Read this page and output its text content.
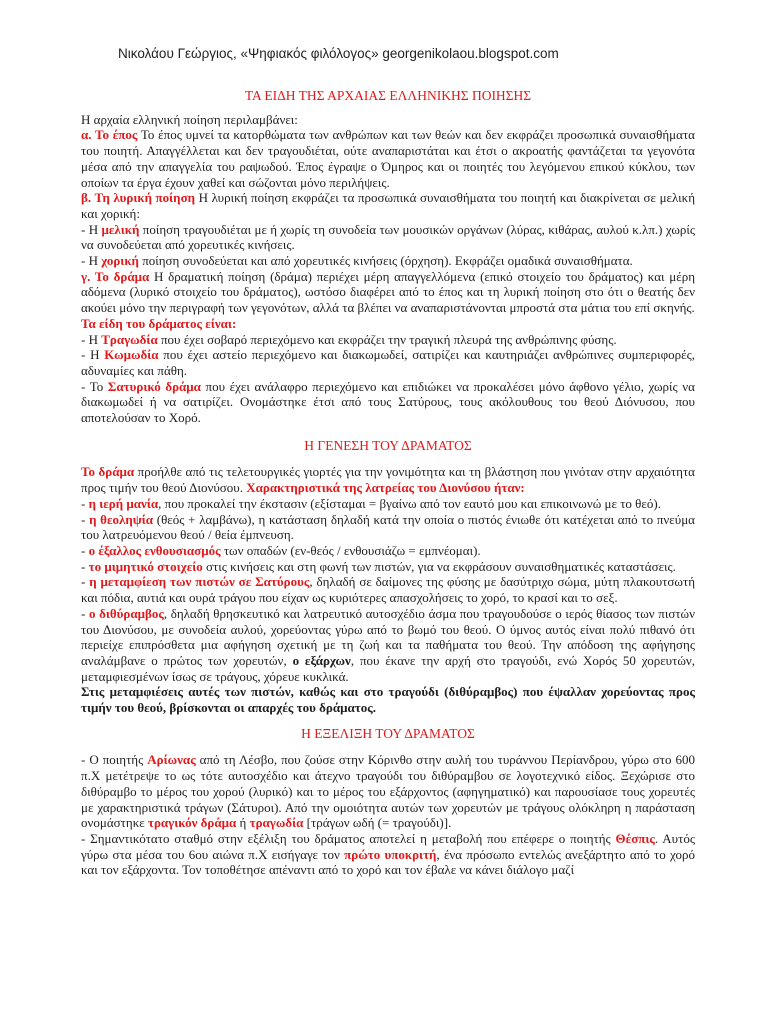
Νικολάου Γεώργιος, «Ψηφιακός φιλόλογος» georgenikolaou.blogspot.com
ΤΑ ΕΙΔΗ ΤΗΣ ΑΡΧΑΙΑΣ ΕΛΛΗΝΙΚΗΣ ΠΟΙΗΣΗΣ

Η αρχαία ελληνική ποίηση περιλαμβάνει:

α. Το έπος Το έπος υμνεί τα κατορθώματα των ανθρώπων και των θεών και δεν εκφράζει προσωπικά συναισθήματα του ποιητή. Απαγγέλλεται και δεν τραγουδιέται, ούτε αναπαριστάται και έτσι ο ακροατής φαντάζεται τα γεγονότα μέσα από την απαγγελία του ραψωδού. Έπος έγραψε ο Όμηρος και οι ποιητές του λεγόμενου επικού κύκλου, των οποίων τα έργα έχουν χαθεί και σώζονται μόνο περιλήψεις.

β. Τη λυρική ποίηση Η λυρική ποίηση εκφράζει τα προσωπικά συναισθήματα του ποιητή και διακρίνεται σε μελική και χορική:

- Η μελική ποίηση τραγουδιέται με ή χωρίς τη συνοδεία των μουσικών οργάνων (λύρας, κιθάρας, αυλού κ.λπ.) χωρίς να συνοδεύεται από χορευτικές κινήσεις.

- Η χορική ποίηση συνοδεύεται και από χορευτικές κινήσεις (όρχηση). Εκφράζει ομαδικά συναισθήματα.

γ. Το δράμα Η δραματική ποίηση (δράμα) περιέχει μέρη απαγγελλόμενα (επικό στοιχείο του δράματος) και μέρη αδόμενα (λυρικό στοιχείο του δράματος), ωστόσο διαφέρει από το έπος και τη λυρική ποίηση στο ότι ο θεατής δεν ακούει μόνο την περιγραφή των γεγονότων, αλλά τα βλέπει να αναπαριστάνονται μπροστά στα μάτια του επί σκηνής.

Τα είδη του δράματος είναι:

- Η Τραγωδία που έχει σοβαρό περιεχόμενο και εκφράζει την τραγική πλευρά της ανθρώπινης φύσης.

- Η Κωμωδία που έχει αστείο περιεχόμενο και διακωμωδεί, σατιρίζει και καυτηριάζει ανθρώπινες συμπεριφορές, αδυναμίες και πάθη.

- Το Σατυρικό δράμα που έχει ανάλαφρο περιεχόμενο και επιδιώκει να προκαλέσει μόνο άφθονο γέλιο, χωρίς να διακωμωδεί ή να σατιρίζει. Ονομάστηκε έτσι από τους Σατύρους, τους ακόλουθους του θεού Διόνυσου, που αποτελούσαν το Χορό.

Η ΓΕΝΕΣΗ ΤΟΥ ΔΡΑΜΑΤΟΣ

Το δράμα προήλθε από τις τελετουργικές γιορτές για την γονιμότητα και τη βλάστηση που γινόταν στην αρχαιότητα προς τιμήν του θεού Διονύσου. Χαρακτηριστικά της λατρείας του Διονύσου ήταν:

- η ιερή μανία, που προκαλεί την έκστασιν (εξίσταμαι = βγαίνω από τον εαυτό μου και επικοινωνώ με το θεό).

- η θεοληψία (θεός + λαμβάνω), η κατάσταση δηλαδή κατά την οποία ο πιστός ένιωθε ότι κατέχεται από το πνεύμα του λατρευόμενου θεού / θεία έμπνευση.

- ο έξαλλος ενθουσιασμός των οπαδών (εν-θεός / ενθουσιάζω = εμπνέομαι).

- το μιμητικό στοιχείο στις κινήσεις και στη φωνή των πιστών, για να εκφράσουν συναισθηματικές καταστάσεις.

- η μεταμφίεση των πιστών σε Σατύρους, δηλαδή σε δαίμονες της φύσης με δασύτριχο σώμα, μύτη πλακουτσωτή και πόδια, αυτιά και ουρά τράγου που είχαν ως κυριότερες απασχολήσεις το χορό, το κρασί και το σεξ.

- ο διθύραμβος, δηλαδή θρησκευτικό και λατρευτικό αυτοσχέδιο άσμα που τραγουδούσε ο ιερός θίασος των πιστών του Διονύσου, με συνοδεία αυλού, χορεύοντας γύρω από το βωμό του θεού. Ο ύμνος αυτός είναι πολύ πιθανό ότι περιείχε επιπρόσθετα μια αφήγηση σχετική με τη ζωή και τα παθήματα του θεού. Την απόδοση της αφήγησης αναλάμβανε ο πρώτος των χορευτών, ο εξάρχων, που έκανε την αρχή στο τραγούδι, ενώ Χορός 50 χορευτών, μεταμφιεσμένων ίσως σε τράγους, χόρευε κυκλικά.

Στις μεταμφιέσεις αυτές των πιστών, καθώς και στο τραγούδι (διθύραμβος) που έψαλλαν χορεύοντας προς τιμήν του θεού, βρίσκονται οι απαρχές του δράματος.

Η ΕΞΕΛΙΞΗ ΤΟΥ ΔΡΑΜΑΤΟΣ

- Ο ποιητής Αρίωνας από τη Λέσβο, που ζούσε στην Κόρινθο στην αυλή του τυράννου Περίανδρου, γύρω στο 600 π.Χ μετέτρεψε το ως τότε αυτοσχέδιο και άτεχνο τραγούδι του διθύραμβου σε λογοτεχνικό είδος. Ξεχώρισε στο διθύραμβο το μέρος του χορού (λυρικό) και το μέρος του εξάρχοντος (αφηγηματικό) και παρουσίασε τους χορευτές με χαρακτηριστικά τράγων (Σάτυροι). Από την ομοιότητα αυτών των χορευτών με τράγους ολόκληρη η παράσταση ονομάστηκε τραγικόν δράμα ή τραγωδία [τράγων ωδή (= τραγούδι)].

- Σημαντικότατο σταθμό στην εξέλιξη του δράματος αποτελεί η μεταβολή που επέφερε ο ποιητής Θέσπις. Αυτός γύρω στα μέσα του 6ου αιώνα π.Χ εισήγαγε τον πρώτο υποκριτή, ένα πρόσωπο εντελώς ανεξάρτητο από το χορό και τον εξάρχοντα. Τον τοποθέτησε απέναντι από το χορό και τον έβαλε να κάνει διάλογο μαζί
